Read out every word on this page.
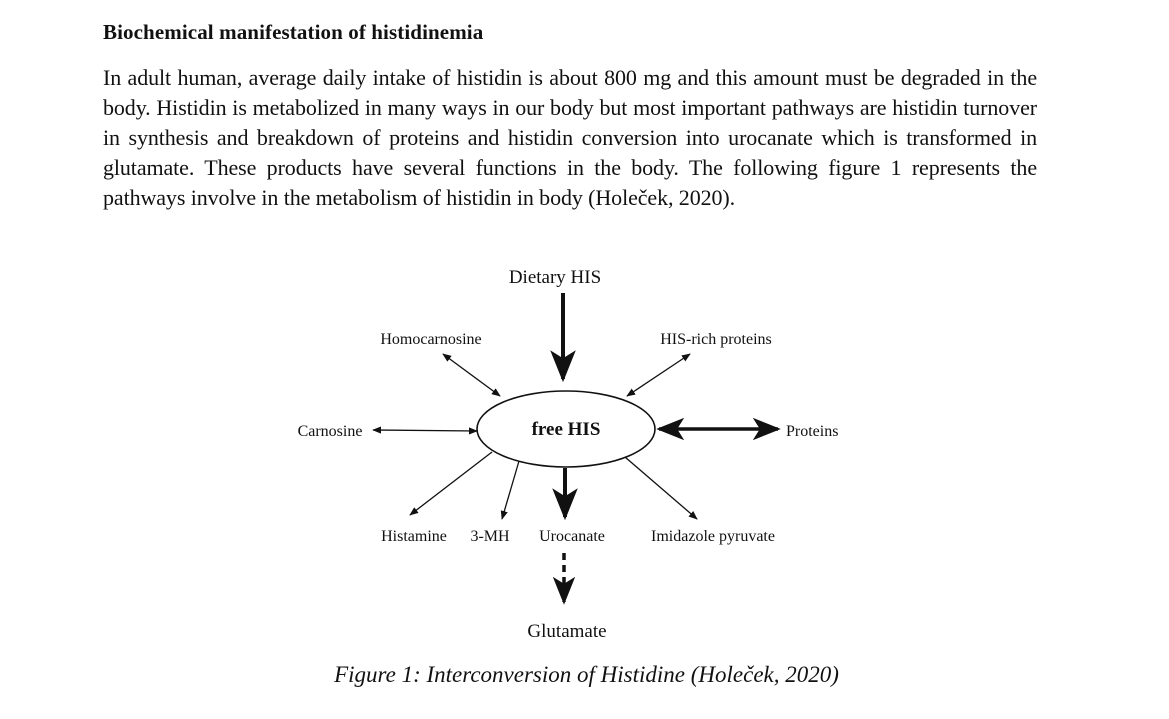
Biochemical manifestation of histidinemia
In adult human, average daily intake of histidin is about 800 mg and this amount must be degraded in the body. Histidin is metabolized in many ways in our body but most important pathways are histidin turnover in synthesis and breakdown of proteins and histidin conversion into urocanate which is transformed in glutamate. These products have several functions in the body. The following figure 1 represents the pathways involve in the metabolism of histidin in body (Holeček, 2020).
free HIS
Dietary HIS
Homocarnosine	HIS-rich proteins
Carnosine	Proteins
Histamine 3-MH Urocanate	Imidazole pyruvate
Glutamate
Figure 1: Interconversion of Histidine (Holeček, 2020)
